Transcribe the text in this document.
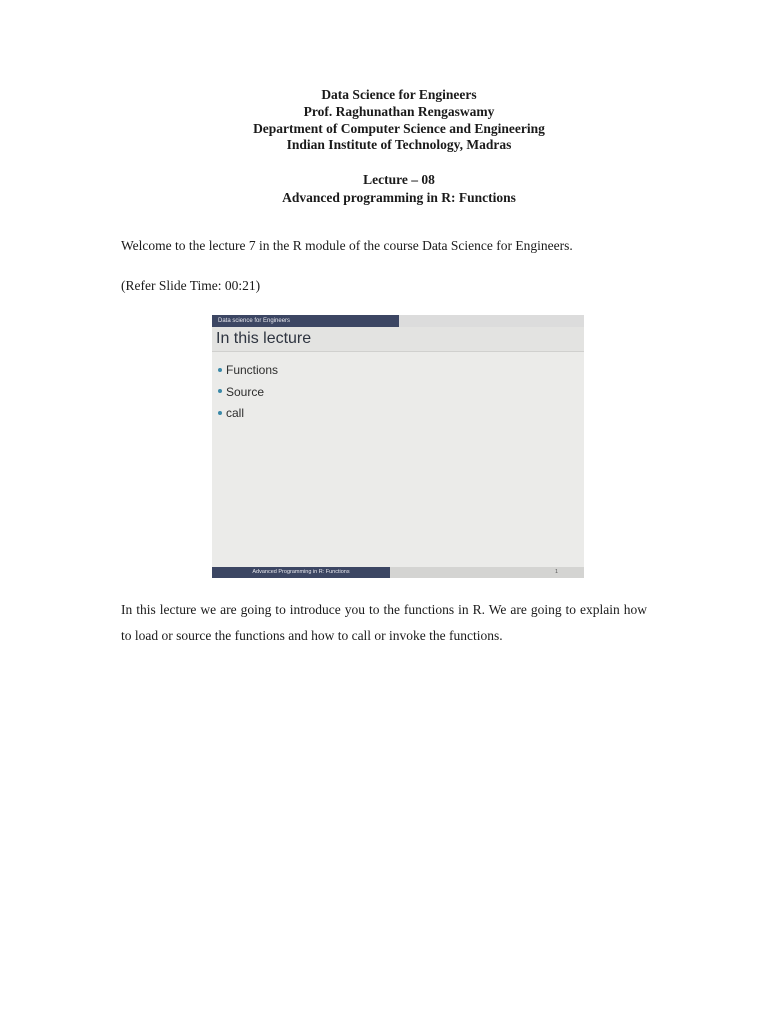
Data Science for Engineers
Prof. Raghunathan Rengaswamy
Department of Computer Science and Engineering
Indian Institute of Technology, Madras
Lecture – 08
Advanced programming in R: Functions

Welcome to the lecture 7 in the R module of the course Data Science for Engineers.

(Refer Slide Time: 00:21)

Data science for Engineers
In this lecture
Functions
Source
call
Advanced Programming in R: Functions	1

In this lecture we are going to introduce you to the functions in R. We are going to explain how to load or source the functions and how to call or invoke the functions.
